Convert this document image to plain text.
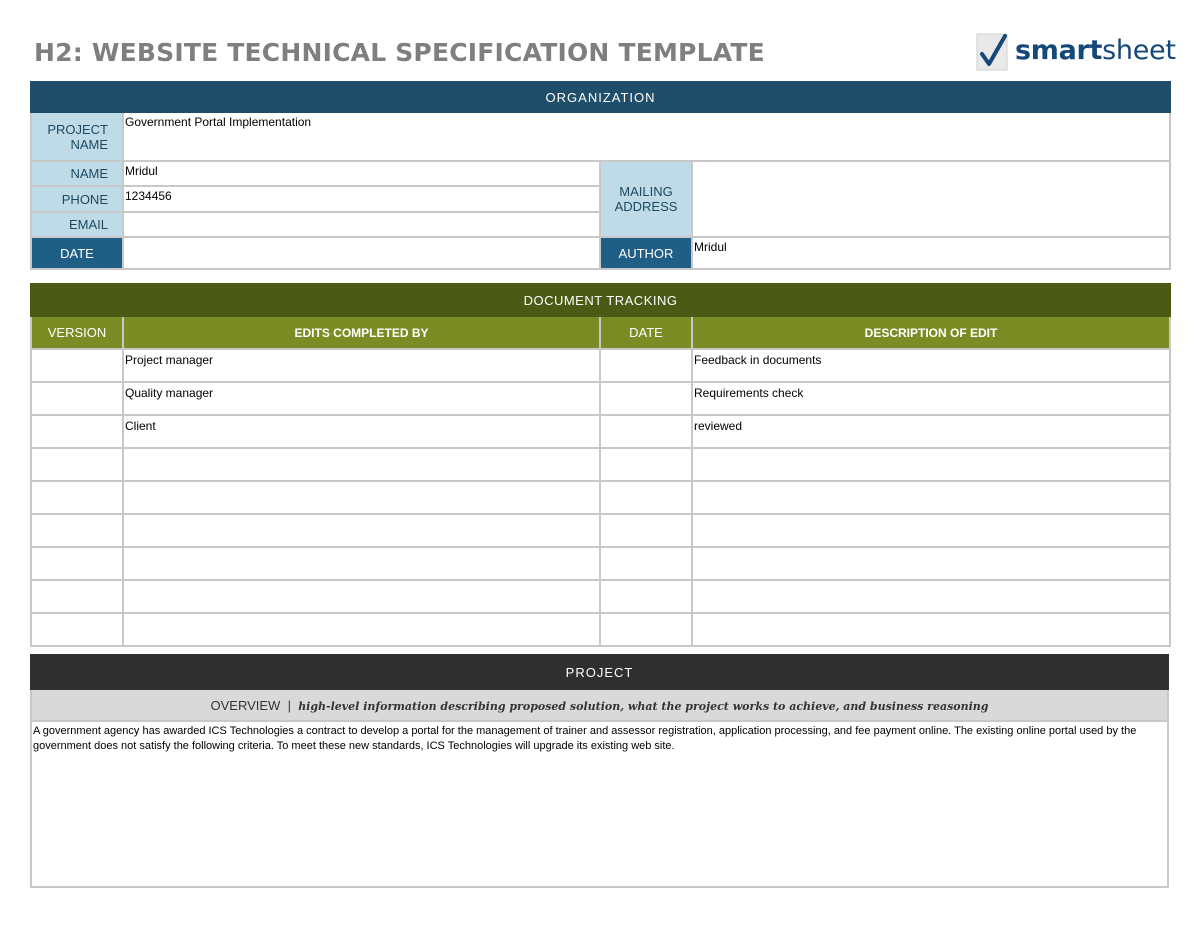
H2: WEBSITE TECHNICAL SPECIFICATION TEMPLATE	smartsheet
ORGANIZATION			
PROJECT NAME	Government Portal Implementation		
NAME	Mridul	MAILING ADDRESS	
PHONE	1234456		
EMAIL			
DATE		AUTHOR	Mridul
DOCUMENT TRACKING			
VERSION	EDITS COMPLETED BY	DATE	DESCRIPTION OF EDIT
	Project manager		Feedback in documents
	Quality manager		Requirements check
	Client		reviewed

PROJECT
OVERVIEW | high-level information describing proposed solution, what the project works to achieve, and business reasoning
A government agency has awarded ICS Technologies a contract to develop a portal for the management of trainer and assessor registration, application processing, and fee payment online. The existing online portal used by the government does not satisfy the following criteria. To meet these new standards, ICS Technologies will upgrade its existing web site.
